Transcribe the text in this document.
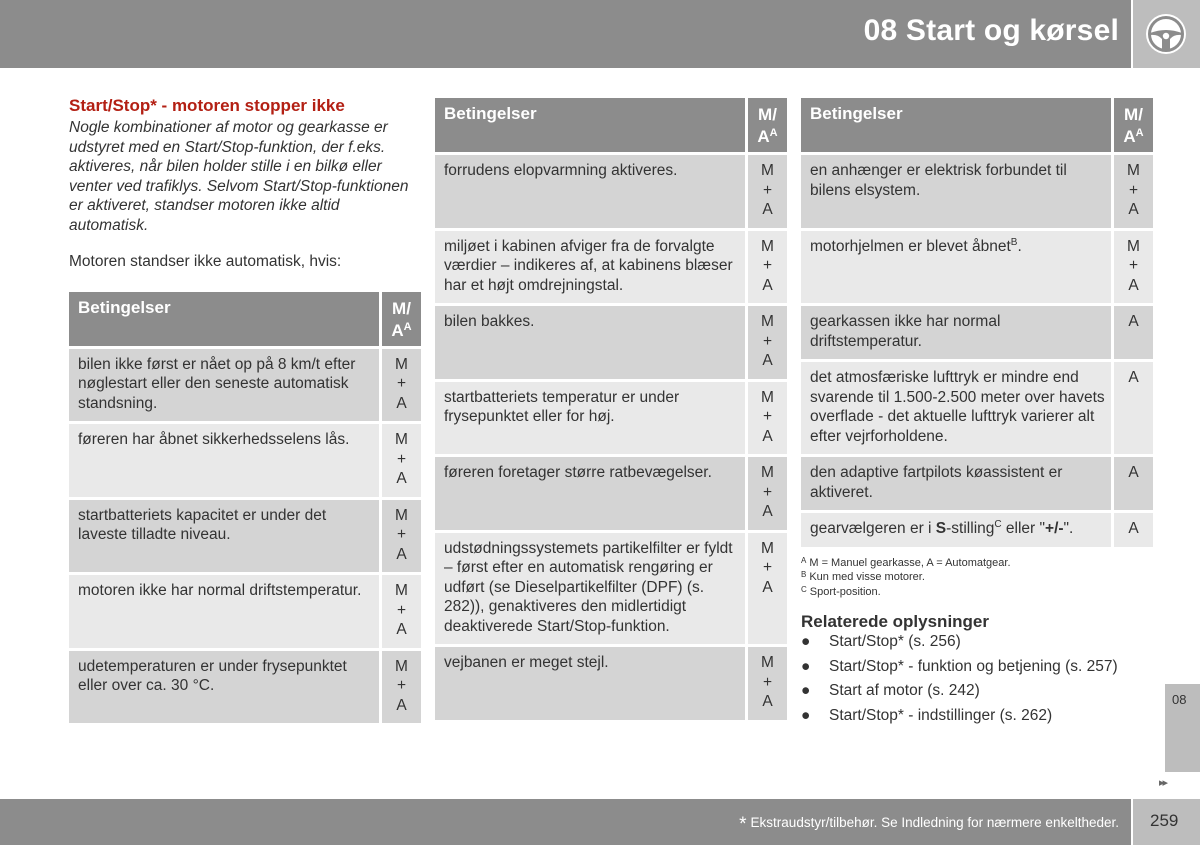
08 Start og kørsel
Start/Stop* - motoren stopper ikke
Nogle kombinationer af motor og gearkasse er udstyret med en Start/Stop-funktion, der f.eks. aktiveres, når bilen holder stille i en bilkø eller venter ved trafiklys. Selvom Start/Stop-funktionen er aktiveret, standser motoren ikke altid automatisk.
Motoren standser ikke automatisk, hvis:
Betingelser	M/
$A^A$
bilen ikke først er nået op på 8 km/t efter nøglestart eller den seneste automatisk standsning.	M
+
A
føreren har åbnet sikkerhedsselens lås.	M
+
A
startbatteriets kapacitet er under det laveste tilladte niveau.	M
+
A
motoren ikke har normal driftstemperatur.	M
+
A
udetemperaturen er under frysepunktet eller over ca. 30 °C.	M
+
A
Betingelser	M/
$A^A$
forrudens elopvarmning aktiveres.	M
+
A
miljøet i kabinen afviger fra de forvalgte værdier – indikeres af, at kabinens blæser har et højt omdrejningstal.	M
+
A
bilen bakkes.	M
+
A
startbatteriets temperatur er under frysepunktet eller for høj.	M
+
A
føreren foretager større ratbevægelser.	M
+
A
udstødningssystemets partikelfilter er fyldt – først efter en automatisk rengøring er udført (se Dieselpartikelfilter (DPF) (s. 282)), genaktiveres den midlertidigt deaktiverede Start/Stop-funktion.	M
+
A
vejbanen er meget stejl.	M
+
A
Betingelser	M/
$A^A$
en anhænger er elektrisk forbundet til bilens elsystem.	M
+
A
motorhjelmen er blevet åbnet$^B$.	M
+
A
gearkassen ikke har normal driftstemperatur.	A
det atmosfæriske lufttryk er mindre end svarende til 1.500-2.500 meter over havets overflade - det aktuelle lufttryk varierer alt efter vejrforholdene.	A
den adaptive fartpilots køassistent er aktiveret.	A
gearvælgeren er i S-stilling$^C$ eller "+/-".	A
$^A$ M = Manuel gearkasse, A = Automatgear.
$^B$ Kun med visse motorer.
$^C$ Sport-position.
Relaterede oplysninger
● Start/Stop* (s. 256)
● Start/Stop* - funktion og betjening (s. 257)
● Start af motor (s. 242)
● Start/Stop* - indstillinger (s. 262)
08
▸▸
* Ekstraudstyr/tilbehør. Se Indledning for nærmere enkeltheder. 259
